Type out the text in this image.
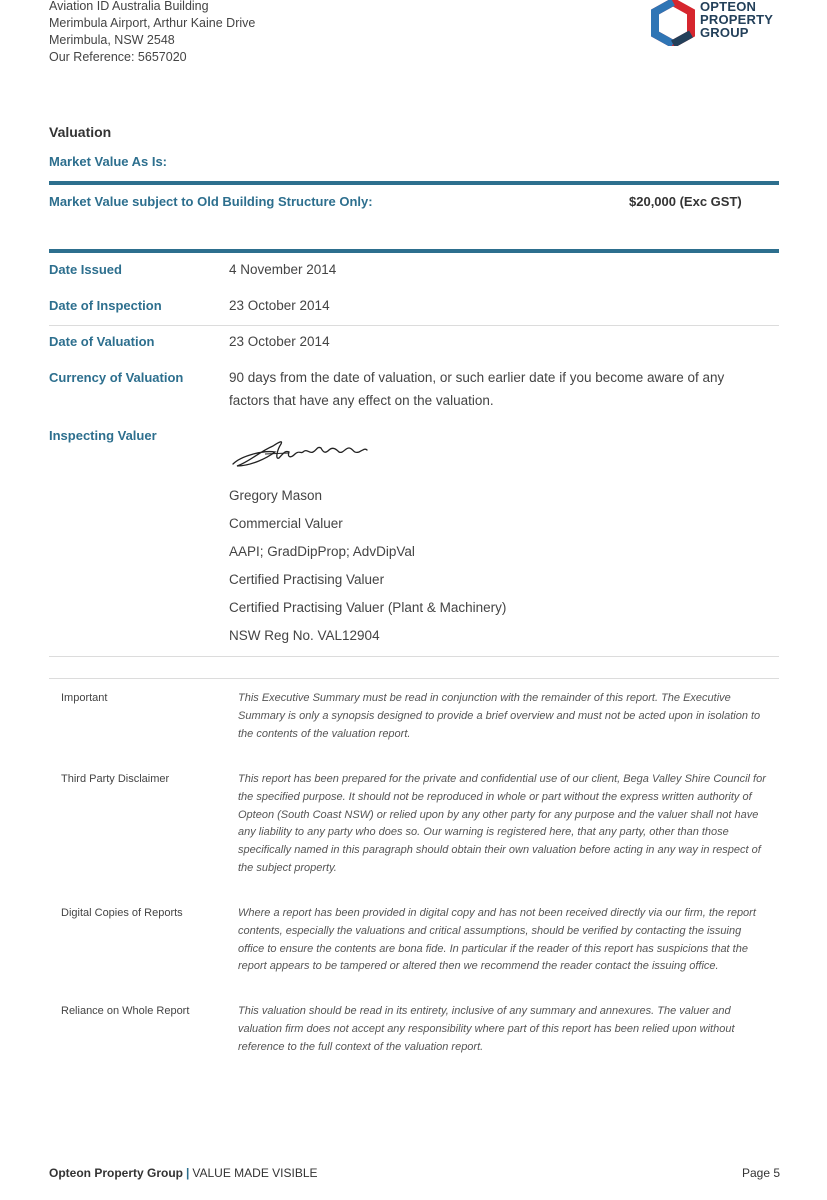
Aviation ID Australia Building
Merimbula Airport, Arthur Kaine Drive
Merimbula, NSW 2548
Our Reference: 5657020
OPTEON
PROPERTY
GROUP
Valuation
Market Value As Is:
Market Value subject to Old Building Structure Only:	$20,000 (Exc GST)
Date Issued	4 November 2014
Date of Inspection	23 October 2014
Date of Valuation	23 October 2014
Currency of Valuation	90 days from the date of valuation, or such earlier date if you become aware of any
factors that have any effect on the valuation.
Inspecting Valuer
Gregory Mason
Commercial Valuer
AAPI; GradDipProp; AdvDipVal
Certified Practising Valuer
Certified Practising Valuer (Plant & Machinery)
NSW Reg No. VAL12904
Important	This Executive Summary must be read in conjunction with the remainder of this report. The Executive Summary is only a synopsis designed to provide a brief overview and must not be acted upon in isolation to the contents of the valuation report.
Third Party Disclaimer	This report has been prepared for the private and confidential use of our client, Bega Valley Shire Council for the specified purpose. It should not be reproduced in whole or part without the express written authority of Opteon (South Coast NSW) or relied upon by any other party for any purpose and the valuer shall not have any liability to any party who does so. Our warning is registered here, that any party, other than those specifically named in this paragraph should obtain their own valuation before acting in any way in respect of the subject property.
Digital Copies of Reports	Where a report has been provided in digital copy and has not been received directly via our firm, the report contents, especially the valuations and critical assumptions, should be verified by contacting the issuing office to ensure the contents are bona fide. In particular if the reader of this report has suspicions that the report appears to be tampered or altered then we recommend the reader contact the issuing office.
Reliance on Whole Report	This valuation should be read in its entirety, inclusive of any summary and annexures. The valuer and valuation firm does not accept any responsibility where part of this report has been relied upon without reference to the full context of the valuation report.
Opteon Property Group | VALUE MADE VISIBLE	Page 5
